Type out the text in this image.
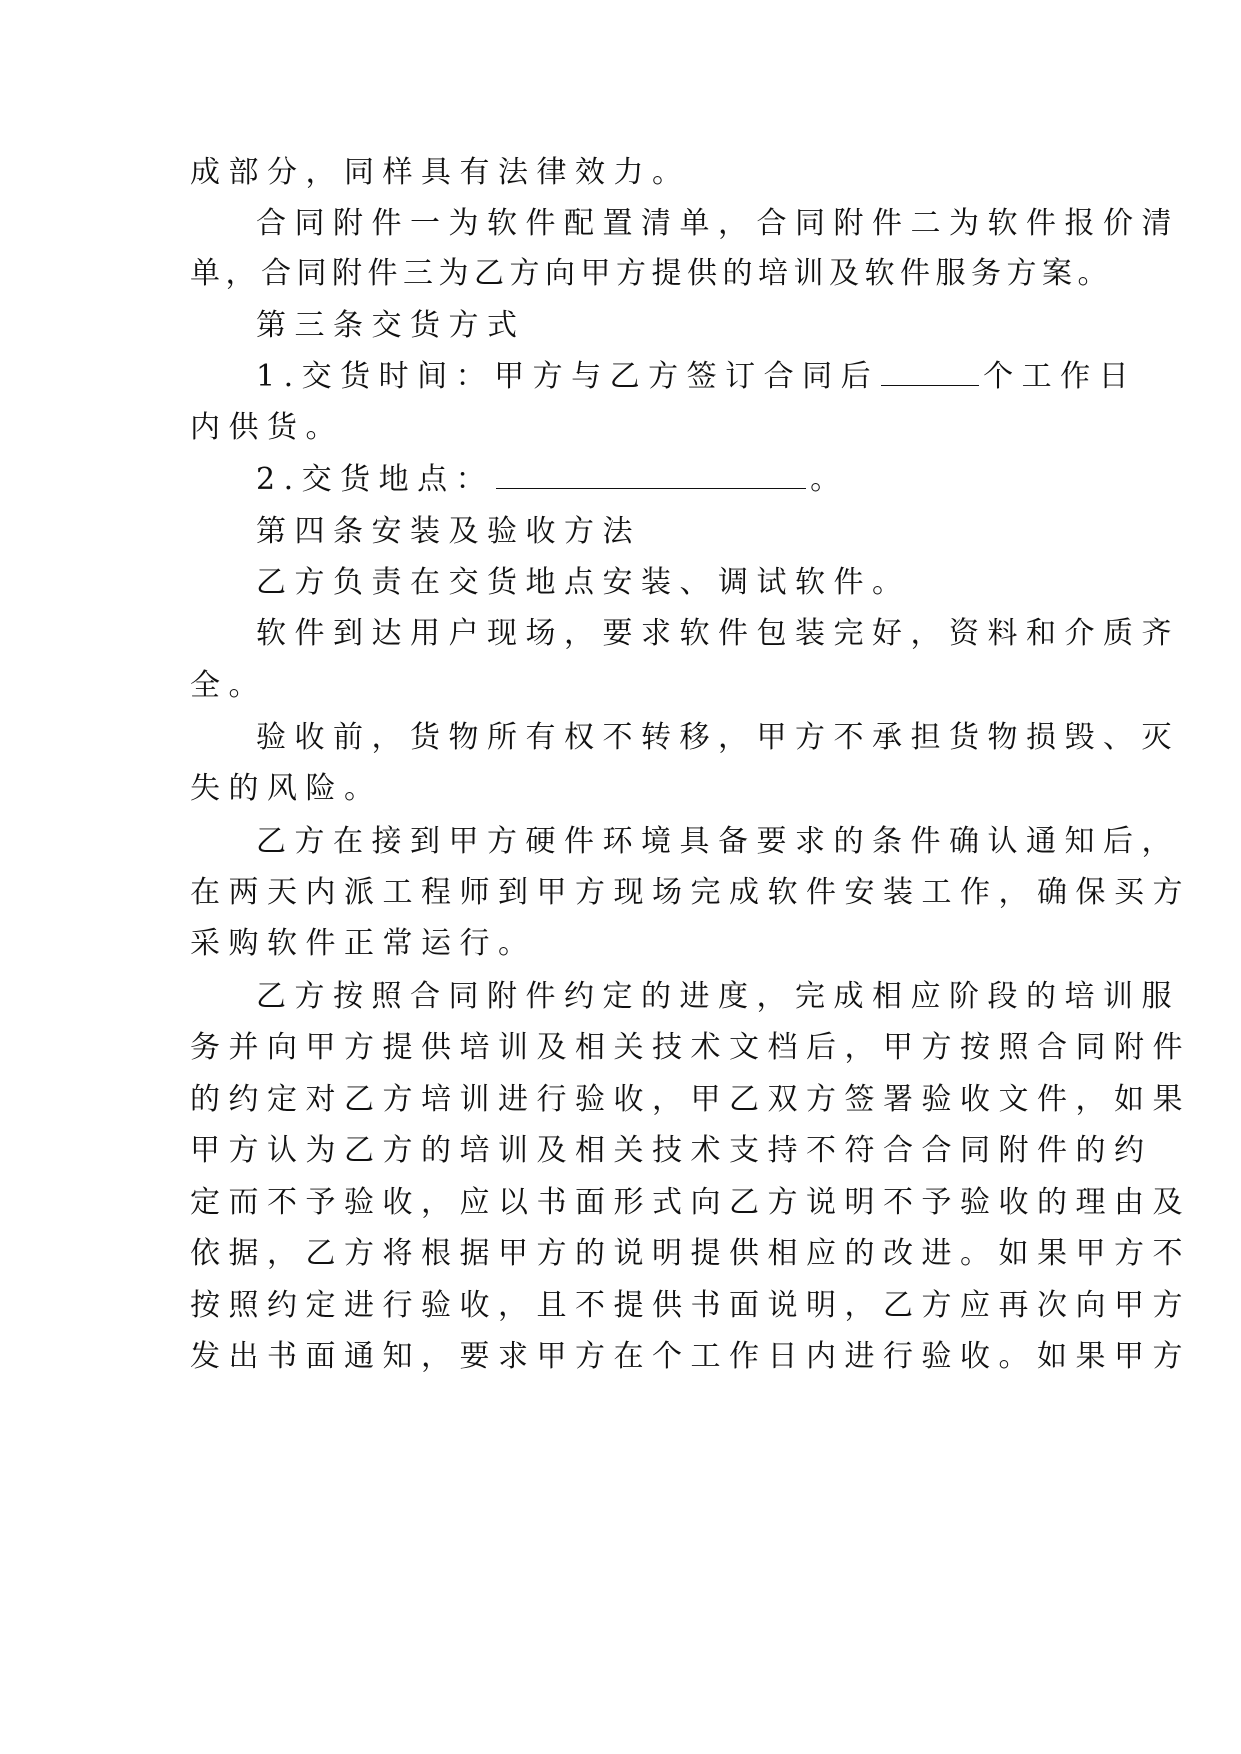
成部分，同样具有法律效力。

合同附件一为软件配置清单，合同附件二为软件报价清

单，合同附件三为乙方向甲方提供的培训及软件服务方案。

第三条交货方式

1.交货时间：甲方与乙方签订合同后	个工作日

内供货。

2.交货地点：	。

第四条安装及验收方法

乙方负责在交货地点安装、调试软件。

软件到达用户现场，要求软件包装完好，资料和介质齐

全。

验收前，货物所有权不转移，甲方不承担货物损毁、灭

失的风险。

乙方在接到甲方硬件环境具备要求的条件确认通知后，

在两天内派工程师到甲方现场完成软件安装工作，确保买方

采购软件正常运行。

乙方按照合同附件约定的进度，完成相应阶段的培训服

务并向甲方提供培训及相关技术文档后，甲方按照合同附件

的约定对乙方培训进行验收，甲乙双方签署验收文件，如果

甲方认为乙方的培训及相关技术支持不符合合同附件的约

定而不予验收，应以书面形式向乙方说明不予验收的理由及

依据，乙方将根据甲方的说明提供相应的改进。如果甲方不

按照约定进行验收，且不提供书面说明，乙方应再次向甲方

发出书面通知，要求甲方在个工作日内进行验收。如果甲方
